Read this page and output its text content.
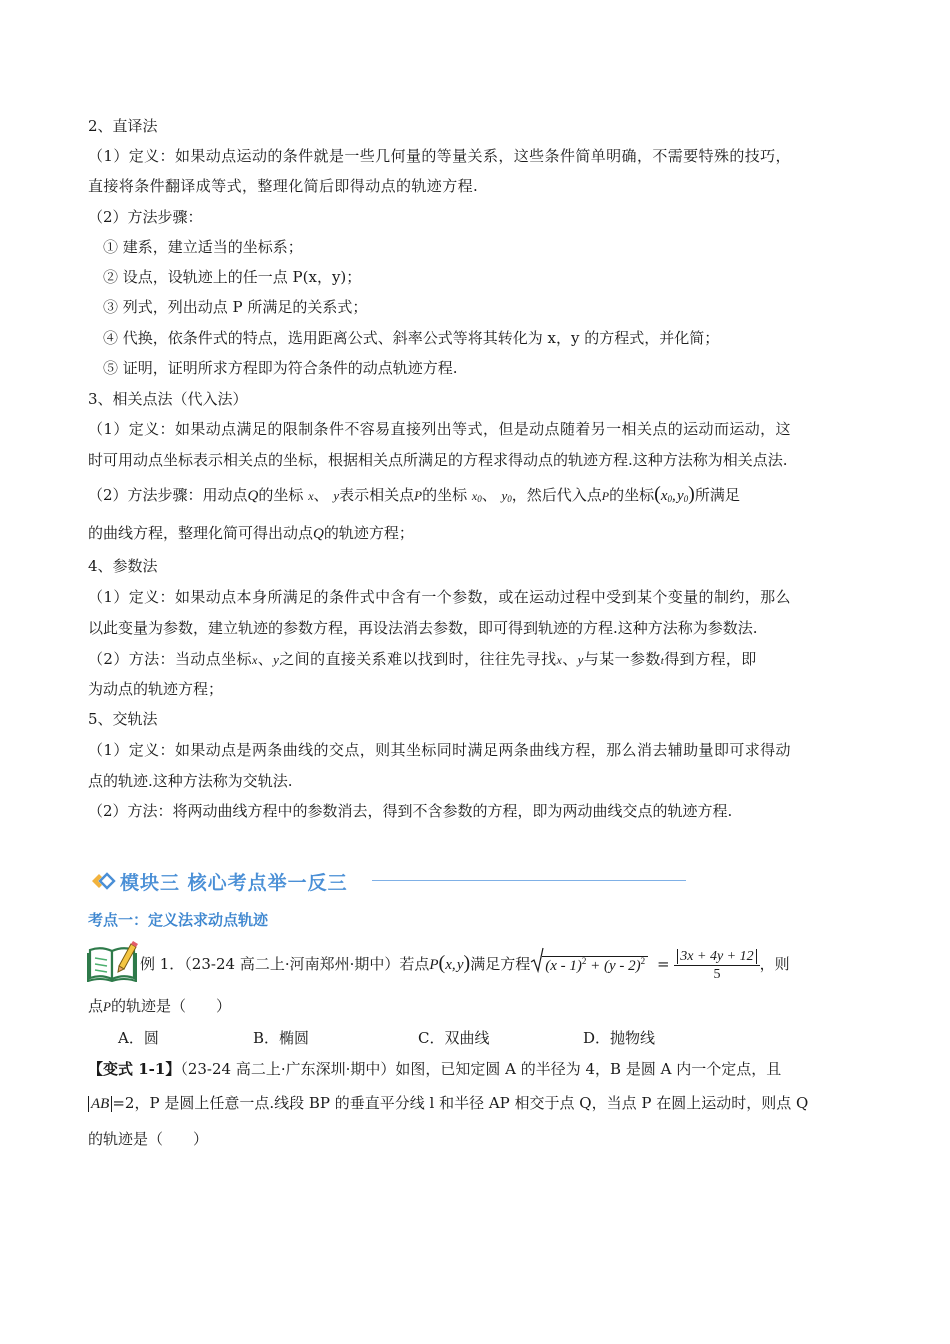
2、直译法
（1）定义：如果动点运动的条件就是一些几何量的等量关系，这些条件简单明确，不需要特殊的技巧，
直接将条件翻译成等式，整理化简后即得动点的轨迹方程.
（2）方法步骤：
① 建系，建立适当的坐标系；
② 设点，设轨迹上的任一点 P(x，y)；
③ 列式，列出动点 P 所满足的关系式；
④ 代换，依条件式的特点，选用距离公式、斜率公式等将其转化为 x，y 的方程式，并化简；
⑤ 证明，证明所求方程即为符合条件的动点轨迹方程.
3、相关点法（代入法）
（1）定义：如果动点满足的限制条件不容易直接列出等式，但是动点随着另一相关点的运动而运动，这
时可用动点坐标表示相关点的坐标，根据相关点所满足的方程求得动点的轨迹方程.这种方法称为相关点法.
（2）方法步骤：用动点Q的坐标 x、 y表示相关点P的坐标 $x_0$、 $y_0$，然后代入点P的坐标($x_0$, $y_0$)所满足
的曲线方程，整理化简可得出动点Q的轨迹方程；
4、参数法
（1）定义：如果动点本身所满足的条件式中含有一个参数，或在运动过程中受到某个变量的制约，那么
以此变量为参数，建立轨迹的参数方程，再设法消去参数，即可得到轨迹的方程.这种方法称为参数法.
（2）方法：当动点坐标x、y之间的直接关系难以找到时，往往先寻找x、y与某一参数t得到方程，即
为动点的轨迹方程；
5、交轨法
（1）定义：如果动点是两条曲线的交点，则其坐标同时满足两条曲线方程，那么消去辅助量即可求得动
点的轨迹.这种方法称为交轨法.
（2）方法：将两动曲线方程中的参数消去，得到不含参数的方程，即为两动曲线交点的轨迹方程.
模块三 核心考点举一反三
考点一：定义法求动点轨迹
例 1．（23-24 高二上·河南郑州·期中）若点P(x, y)满足方程 $(x - 1)^2 + (y - 2)^2 = \frac{3x + 4y + 12}{5}$ ，则
点P的轨迹是（　　）
A．圆	B．椭圆	C．双曲线	D．抛物线
【变式 1-1】（23-24 高二上·广东深圳·期中）如图，已知定圆 A 的半径为 4，B 是圆 A 内一个定点，且
AB =2，P 是圆上任意一点.线段 BP 的垂直平分线 l 和半径 AP 相交于点 Q，当点 P 在圆上运动时，则点 Q
的轨迹是（　　）
